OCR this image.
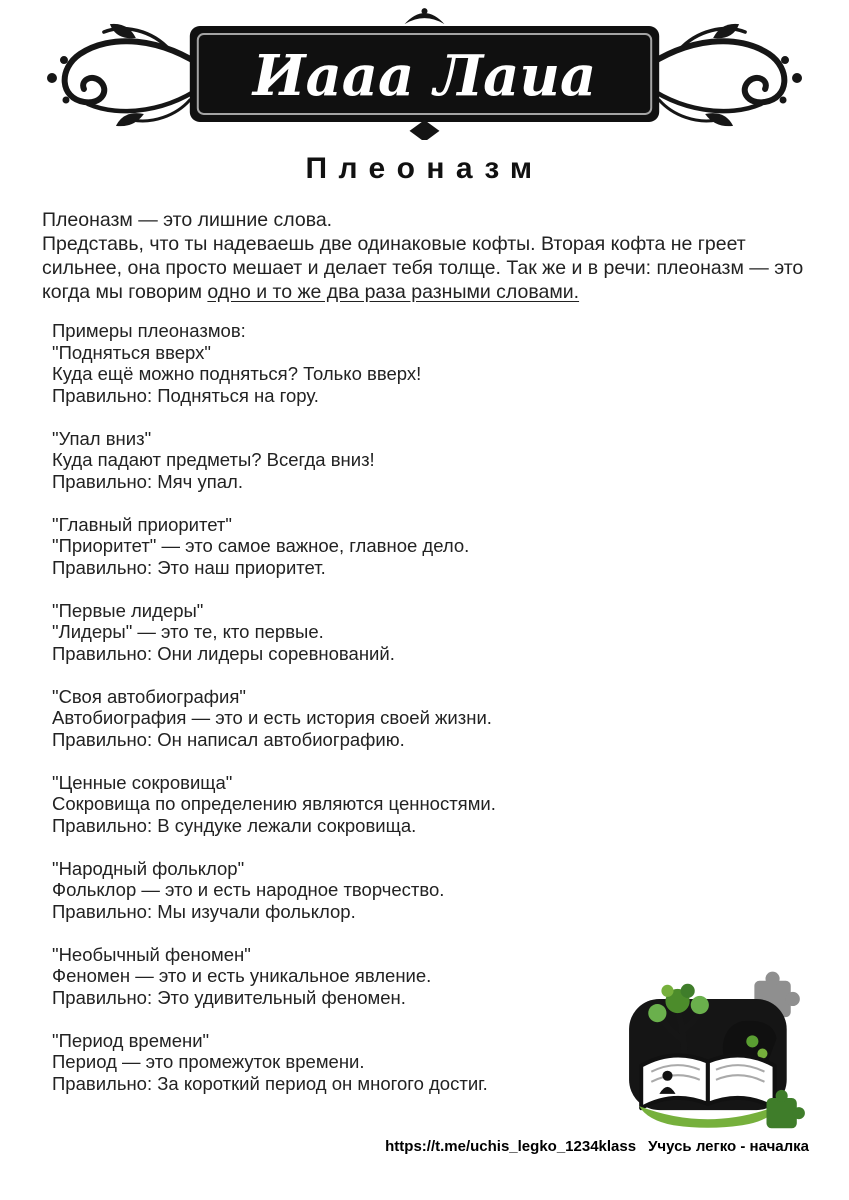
Иааа Лаиа
Плеоназм

Плеоназм — это лишние слова.

Представь, что ты надеваешь две одинаковые кофты. Вторая кофта не греет сильнее, она просто мешает и делает тебя толще. Так же и в речи: плеоназм — это когда мы говорим одно и то же два раза разными словами.

Примеры плеоназмов:

"Подняться вверх"

Куда ещё можно подняться? Только вверх!

Правильно: Подняться на гору.

"Упал вниз"

Куда падают предметы? Всегда вниз!

Правильно: Мяч упал.

"Главный приоритет"

"Приоритет" — это самое важное, главное дело.

Правильно: Это наш приоритет.

"Первые лидеры"

"Лидеры" — это те, кто первые.

Правильно: Они лидеры соревнований.

"Своя автобиография"

Автобиография — это и есть история своей жизни.

Правильно: Он написал автобиографию.

"Ценные сокровища"

Сокровища по определению являются ценностями.

Правильно: В сундуке лежали сокровища.

"Народный фольклор"

Фольклор — это и есть народное творчество.

Правильно: Мы изучали фольклор.

"Необычный феномен"

Феномен — это и есть уникальное явление.

Правильно: Это удивительный феномен.

"Период времени"

Период — это промежуток времени.

Правильно: За короткий период он многого достиг.

https://t.me/uchis_legko_1234klass Учусь легко - началка
